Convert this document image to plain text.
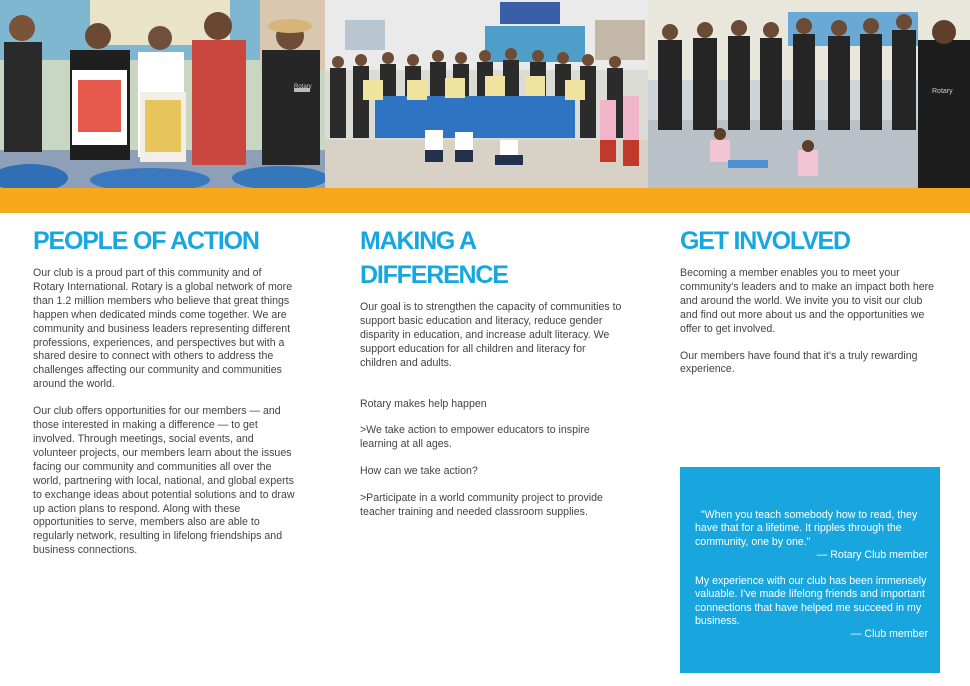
Rotary
PEOPLE OF ACTION

Our club is a proud part of this community and of Rotary International. Rotary is a global network of more than 1.2 million members who believe that great things happen when dedicated minds come together. We are community and business leaders representing different professions, experiences, and perspectives but with a shared desire to connect with others to address the challenges affecting our community and communities around the world.

Our club offers opportunities for our members — and those interested in making a difference — to get involved. Through meetings, social events, and volunteer projects, our members learn about the issues facing our community and communities all over the world, partnering with local, national, and global experts to exchange ideas about potential solutions and to draw up action plans to respond. Along with these opportunities to serve, members also are able to regularly network, resulting in lifelong friendships and business connections.

MAKING A DIFFERENCE

Our goal is to strengthen the capacity of communities to support basic education and literacy, reduce gender disparity in education, and increase adult literacy. We support education for all children and literacy for children and adults.

Rotary makes help happen

>We take action to empower educators to inspire learning at all ages.

How can we take action?

>Participate in a world community project to provide teacher training and needed classroom supplies.

GET INVOLVED

Becoming a member enables you to meet your community's leaders and to make an impact both here and around the world. We invite you to visit our club and find out more about us and the opportunities we offer to get involved.

Our members have found that it's a truly rewarding experience.

"When you teach somebody how to read, they have that for a lifetime. It ripples through the community, one by one."

— Rotary Club member

My experience with our club has been immensely valuable. I've made lifelong friends and important connections that have helped me succeed in my business.

— Club member

Rotary
